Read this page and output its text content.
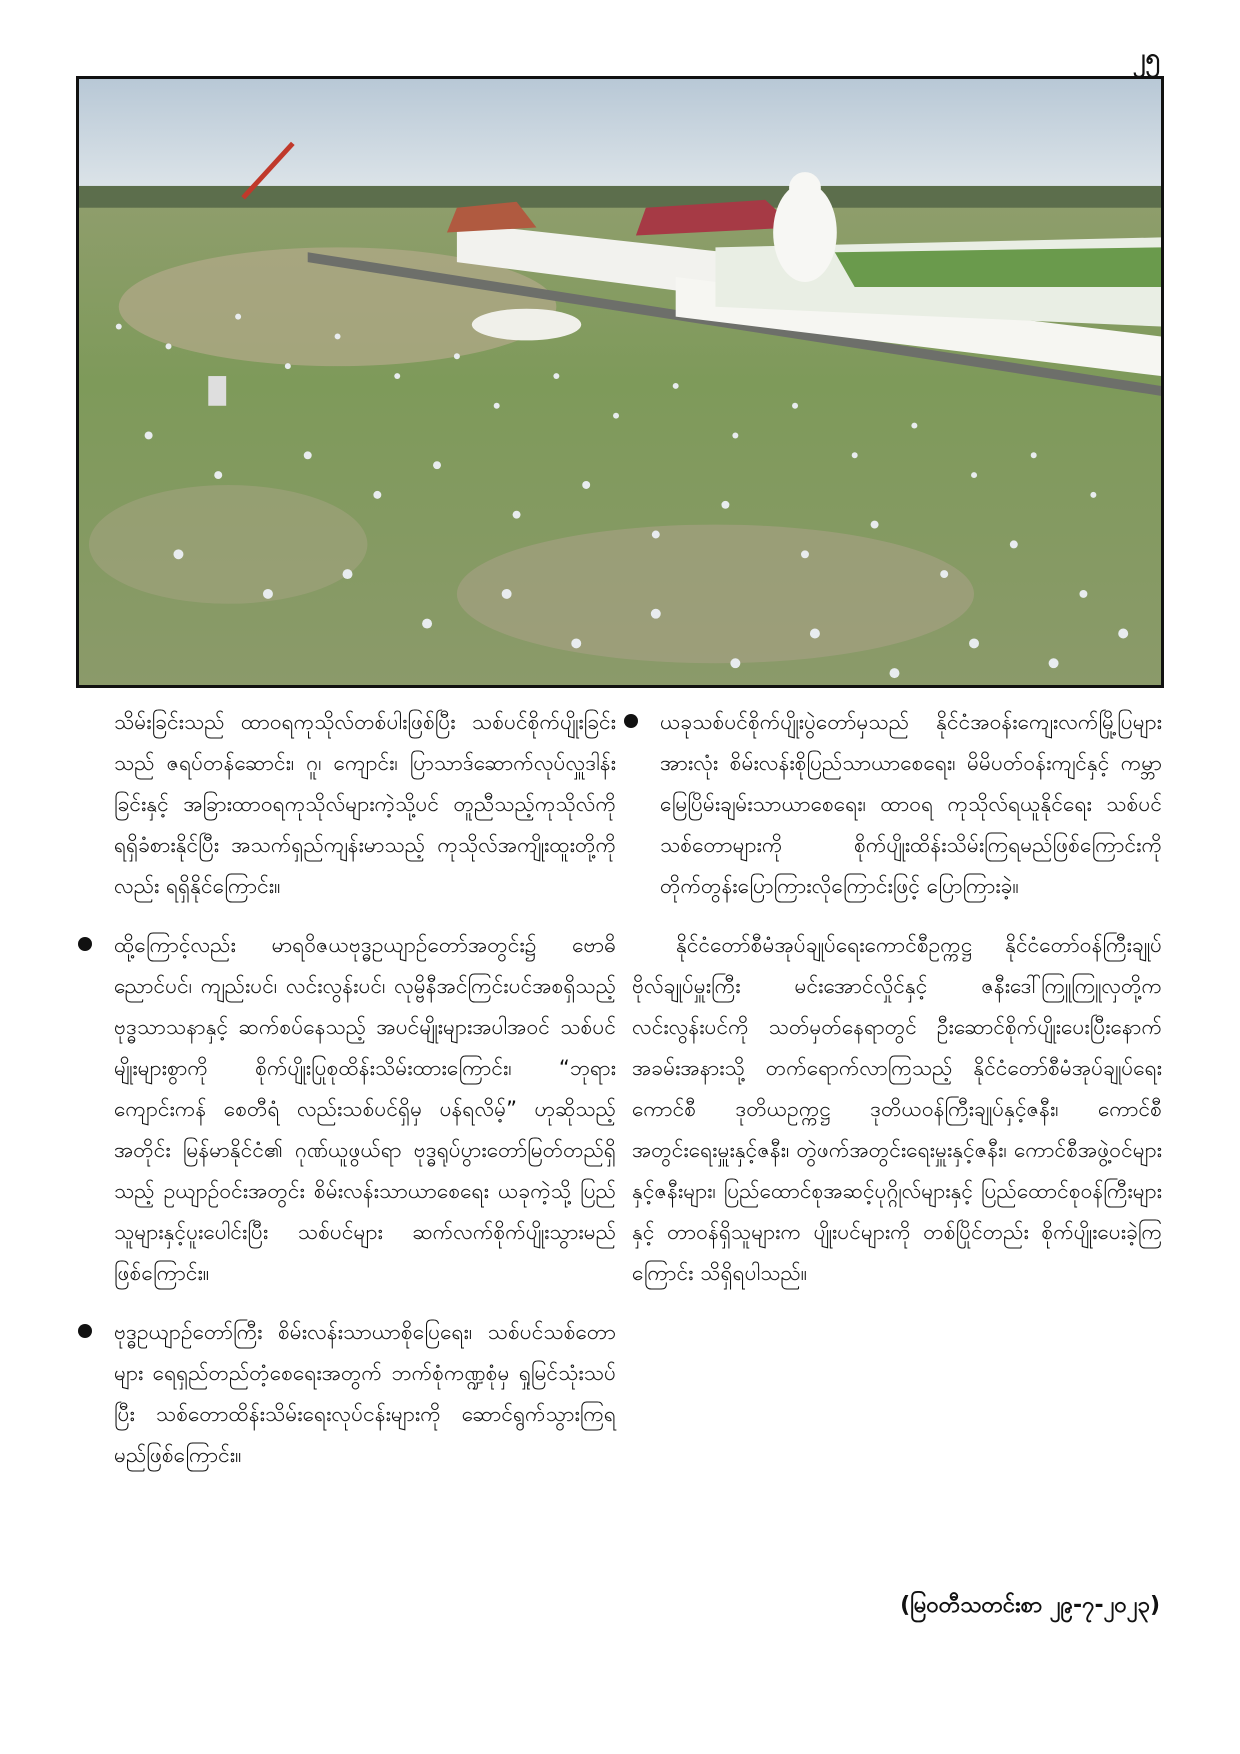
၂၅

သိမ်းခြင်းသည် ထာဝရကုသိုလ်တစ်ပါးဖြစ်ပြီး သစ်ပင်စိုက်ပျိုးခြင်းသည် ဇရပ်တန်ဆောင်း၊ ဂူ၊ ကျောင်း၊ ပြာသာဒ်ဆောက်လုပ်လှူဒါန်းခြင်းနှင့် အခြားထာဝရကုသိုလ်များကဲ့သို့ပင် တူညီသည့်ကုသိုလ်ကို ရရှိခံစားနိုင်ပြီး အသက်ရှည်ကျန်းမာသည့် ကုသိုလ်အကျိုးထူးတို့ကိုလည်း ရရှိနိုင်ကြောင်း။

ထို့ကြောင့်လည်း မာရဝိဇယဗုဒ္ဓဥယျာဉ်တော်အတွင်း၌ ဗောဓိညောင်ပင်၊ ကျည်းပင်၊ လင်းလွန်းပင်၊ လုမ္ဗိနီအင်ကြင်းပင်အစရှိသည့် ဗုဒ္ဓသာသနာနှင့် ဆက်စပ်နေသည့် အပင်မျိုးများအပါအဝင် သစ်ပင်မျိုးများစွာကို စိုက်ပျိုးပြုစုထိန်းသိမ်းထားကြောင်း၊ “ဘုရား ကျောင်းကန် စေတီရံ လည်းသစ်ပင်ရှိမှ ပန်ရလိမ့်” ဟုဆိုသည့်အတိုင်း မြန်မာနိုင်ငံ၏ ဂုဏ်ယူဖွယ်ရာ ဗုဒ္ဓရုပ်ပွားတော်မြတ်တည်ရှိသည့် ဥယျာဉ်ဝင်းအတွင်း စိမ်းလန်းသာယာစေရေး ယခုကဲ့သို့ ပြည်သူများနှင့်ပူးပေါင်းပြီး သစ်ပင်များ ဆက်လက်စိုက်ပျိုးသွားမည်ဖြစ်ကြောင်း။
ဗုဒ္ဓဥယျာဉ်တော်ကြီး စိမ်းလန်းသာယာစိုပြေရေး၊ သစ်ပင်သစ်တောများ ရေရှည်တည်တံ့စေရေးအတွက် ဘက်စုံကဏ္ဍစုံမှ ရှုမြင်သုံးသပ်ပြီး သစ်တောထိန်းသိမ်းရေးလုပ်ငန်းများကို ဆောင်ရွက်သွားကြရမည်ဖြစ်ကြောင်း။
ယခုသစ်ပင်စိုက်ပျိုးပွဲတော်မှသည် နိုင်ငံအဝန်းကျေးလက်မြို့ပြများအားလုံး စိမ်းလန်းစိုပြည်သာယာစေရေး၊ မိမိပတ်ဝန်းကျင်နှင့် ကမ္ဘာမြေပြိမ်းချမ်းသာယာစေရေး၊ ထာဝရ ကုသိုလ်ရယူနိုင်ရေး သစ်ပင်သစ်တောများကို စိုက်ပျိုးထိန်းသိမ်းကြရမည်ဖြစ်ကြောင်းကို တိုက်တွန်းပြောကြားလိုကြောင်းဖြင့် ပြောကြားခဲ့။

နိုင်ငံတော်စီမံအုပ်ချုပ်ရေးကောင်စီဥက္ကဋ္ဌ နိုင်ငံတော်ဝန်ကြီးချုပ် ဗိုလ်ချုပ်မှူးကြီး မင်းအောင်လှိုင်နှင့် ဇနီးဒေါ်ကြူကြူလှတို့က လင်းလွန်းပင်ကို သတ်မှတ်နေရာတွင် ဦးဆောင်စိုက်ပျိုးပေးပြီးနောက်အခမ်းအနားသို့ တက်ရောက်လာကြသည့် နိုင်ငံတော်စီမံအုပ်ချုပ်ရေးကောင်စီ ဒုတိယဥက္ကဋ္ဌ ဒုတိယဝန်ကြီးချုပ်နှင့်ဇနီး၊ ကောင်စီအတွင်းရေးမှူးနှင့်ဇနီး၊ တွဲဖက်အတွင်းရေးမှူးနှင့်ဇနီး၊ ကောင်စီအဖွဲ့ဝင်များနှင့်ဇနီးများ၊ ပြည်ထောင်စုအဆင့်ပုဂ္ဂိုလ်များနှင့် ပြည်ထောင်စုဝန်ကြီးများနှင့် တာဝန်ရှိသူများက ပျိုးပင်များကို တစ်ပြိုင်တည်း စိုက်ပျိုးပေးခဲ့ကြကြောင်း သိရှိရပါသည်။

(မြဝတီသတင်းစာ ၂၉-၇-၂၀၂၃)
